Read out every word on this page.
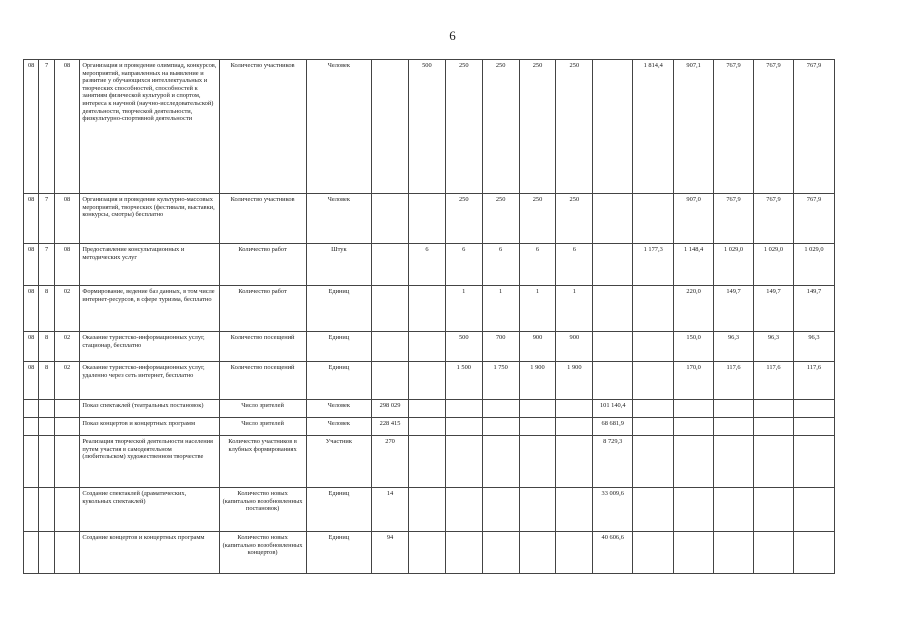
6
08	7	08	Организация и проведение олимпиад, конкурсов, мероприятий, направленных на выявление и развитие у обучающихся интеллектуальных и творческих способностей, способностей к занятиям физической культурой и спортом, интереса к научной (научно-исследовательской) деятельности, творческой деятельности, физкультурно-спортивной деятельности	Количество участников	Человек		500	250	250	250	250		1 814,4	907,1	767,9	767,9	767,9
08	7	08	Организация и проведение культурно-массовых мероприятий, творческих (фестивали, выставки, конкурсы, смотры) бесплатно	Количество участников	Человек			250	250	250	250			907,0	767,9	767,9	767,9
08	7	08	Предоставление консультационных и методических услуг	Количество работ	Штук		6	6	6	6	6		1 177,3	1 148,4	1 029,0	1 029,0	1 029,0
08	8	02	Формирование, ведение баз данных, в том числе интернет-ресурсов, в сфере туризма, бесплатно	Количество работ	Единиц			1	1	1	1			220,0	149,7	149,7	149,7
08	8	02	Оказание туристско-информационных услуг, стационар, бесплатно	Количество посещений	Единиц			500	700	900	900			150,0	96,3	96,3	96,3
08	8	02	Оказание туристско-информационных услуг, удаленно через сеть интернет, бесплатно	Количество посещений	Единиц			1 500	1 750	1 900	1 900			170,0	117,6	117,6	117,6
			Показ спектаклей (театральных постановок)	Число зрителей	Человек	298 029						101 140,4					
			Показ концертов и концертных программ	Число зрителей	Человек	228 415						68 681,9					
			Реализация творческой деятельности населения путем участия в самодеятельном (любительском) художественном творчестве	Количество участников в клубных формированиях	Участник	270						8 729,3					
			Создание спектаклей (драматических, кукольных спектаклей)	Количество новых (капитально возобновленных постановок)	Единиц	14						33 009,6					
			Создание концертов и концертных программ	Количество новых (капитально возобновленных концертов)	Единиц	94						40 606,6					
